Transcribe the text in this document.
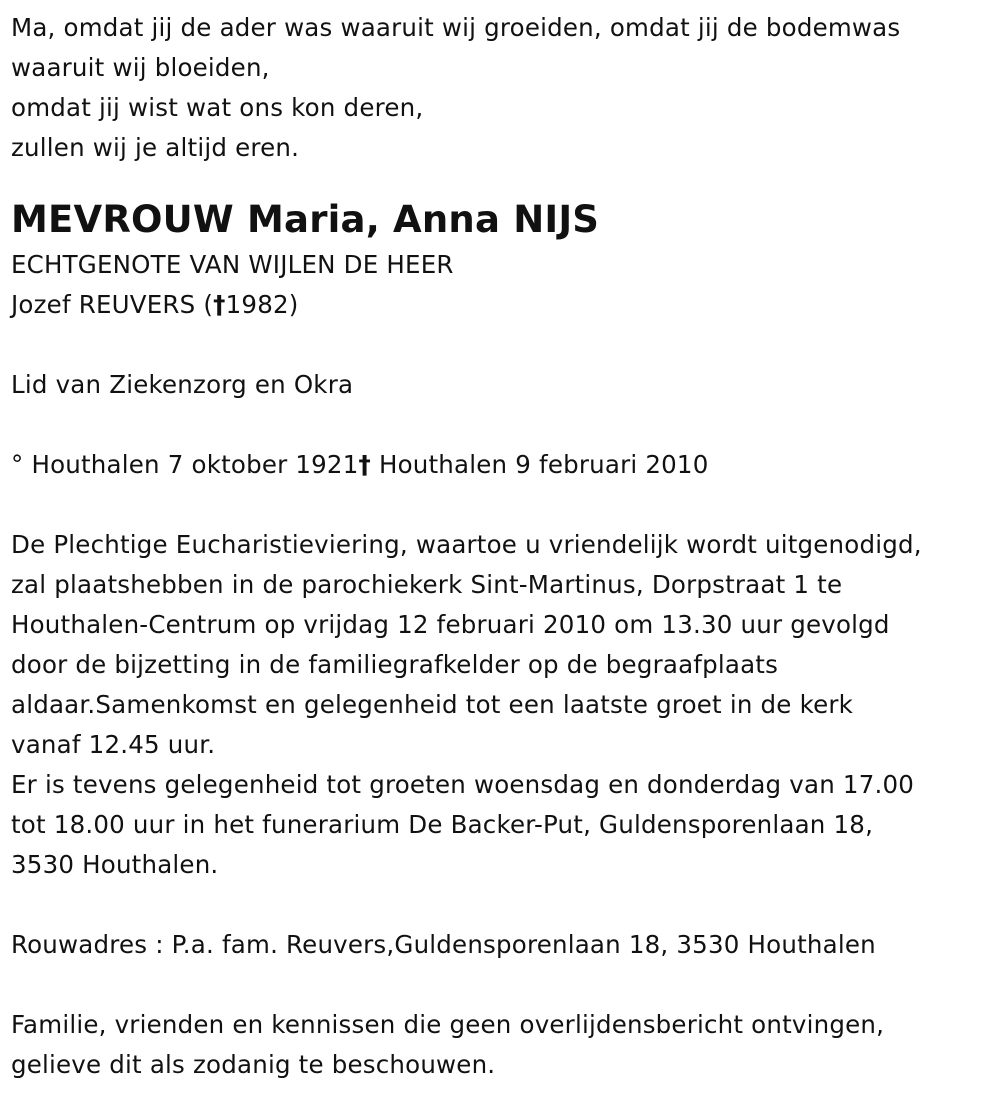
Ma, omdat jij de ader was waaruit wij groeiden, omdat jij de bodemwas
waaruit wij bloeiden,
omdat jij wist wat ons kon deren,
zullen wij je altijd eren.
MEVROUW Maria, Anna NIJS
ECHTGENOTE VAN WIJLEN DE HEER
Jozef REUVERS (†1982)
Lid van Ziekenzorg en Okra
° Houthalen 7 oktober 1921† Houthalen 9 februari 2010
De Plechtige Eucharistieviering, waartoe u vriendelijk wordt uitgenodigd,
zal plaatshebben in de parochiekerk Sint-Martinus, Dorpstraat 1 te
Houthalen-Centrum op vrijdag 12 februari 2010 om 13.30 uur gevolgd
door de bijzetting in de familiegrafkelder op de begraafplaats
aldaar.Samenkomst en gelegenheid tot een laatste groet in de kerk
vanaf 12.45 uur.
Er is tevens gelegenheid tot groeten woensdag en donderdag van 17.00
tot 18.00 uur in het funerarium De Backer-Put, Guldensporenlaan 18,
3530 Houthalen.
Rouwadres : P.a. fam. Reuvers,Guldensporenlaan 18, 3530 Houthalen
Familie, vrienden en kennissen die geen overlijdensbericht ontvingen,
gelieve dit als zodanig te beschouwen.
